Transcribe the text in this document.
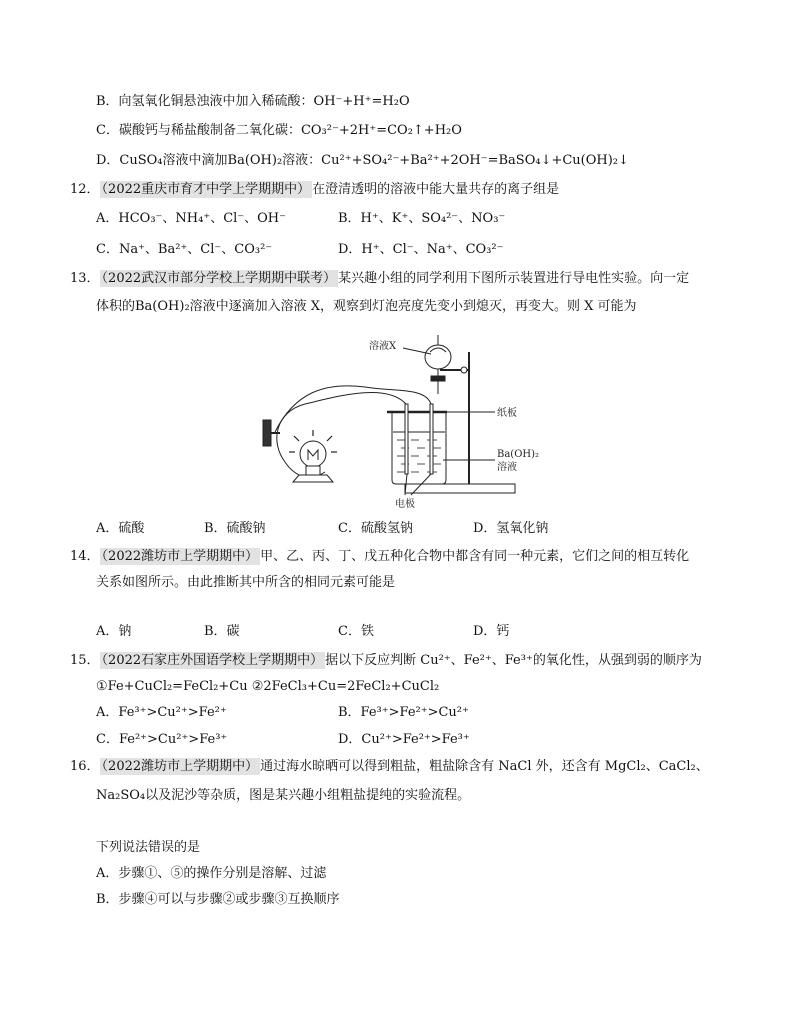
B．向氢氧化铜悬浊液中加入稀硫酸：OH⁻+H⁺=H₂O
C．碳酸钙与稀盐酸制备二氧化碳：CO₃²⁻+2H⁺=CO₂↑+H₂O
D．CuSO₄溶液中滴加Ba(OH)₂溶液：Cu²⁺+SO₄²⁻+Ba²⁺+2OH⁻=BaSO₄↓+Cu(OH)₂↓
12． （2022重庆市育才中学上学期期中） 在澄清透明的溶液中能大量共存的离子组是
A．HCO₃⁻、NH₄⁺、Cl⁻、OH⁻	B．H⁺、K⁺、SO₄²⁻、NO₃⁻
C．Na⁺、Ba²⁺、Cl⁻、CO₃²⁻	D．H⁺、Cl⁻、Na⁺、CO₃²⁻
13． （2022武汉市部分学校上学期期中联考） 某兴趣小组的同学利用下图所示装置进行导电性实验。向一定
体积的Ba(OH)₂溶液中逐滴加入溶液 X，观察到灯泡亮度先变小到熄灭，再变大。则 X 可能为
溶液X
纸板
Ba(OH)₂
溶液
电极
A．硫酸	B．硫酸钠	C．硫酸氢钠	D．氢氧化钠
14． （2022潍坊市上学期期中） 甲、乙、丙、丁、戊五种化合物中都含有同一种元素，它们之间的相互转化
关系如图所示。由此推断其中所含的相同元素可能是
A．钠	B．碳	C．铁	D．钙
15． （2022石家庄外国语学校上学期期中） 据以下反应判断 Cu²⁺、Fe²⁺、Fe³⁺的氧化性，从强到弱的顺序为
①Fe+CuCl₂=FeCl₂+Cu ②2FeCl₃+Cu=2FeCl₂+CuCl₂
A．Fe³⁺>Cu²⁺>Fe²⁺	B．Fe³⁺>Fe²⁺>Cu²⁺
C．Fe²⁺>Cu²⁺>Fe³⁺	D．Cu²⁺>Fe²⁺>Fe³⁺
16． （2022潍坊市上学期期中） 通过海水晾晒可以得到粗盐，粗盐除含有 NaCl 外，还含有 MgCl₂、CaCl₂、
Na₂SO₄以及泥沙等杂质，图是某兴趣小组粗盐提纯的实验流程。
下列说法错误的是
A．步骤①、⑤的操作分别是溶解、过滤
B．步骤④可以与步骤②或步骤③互换顺序
